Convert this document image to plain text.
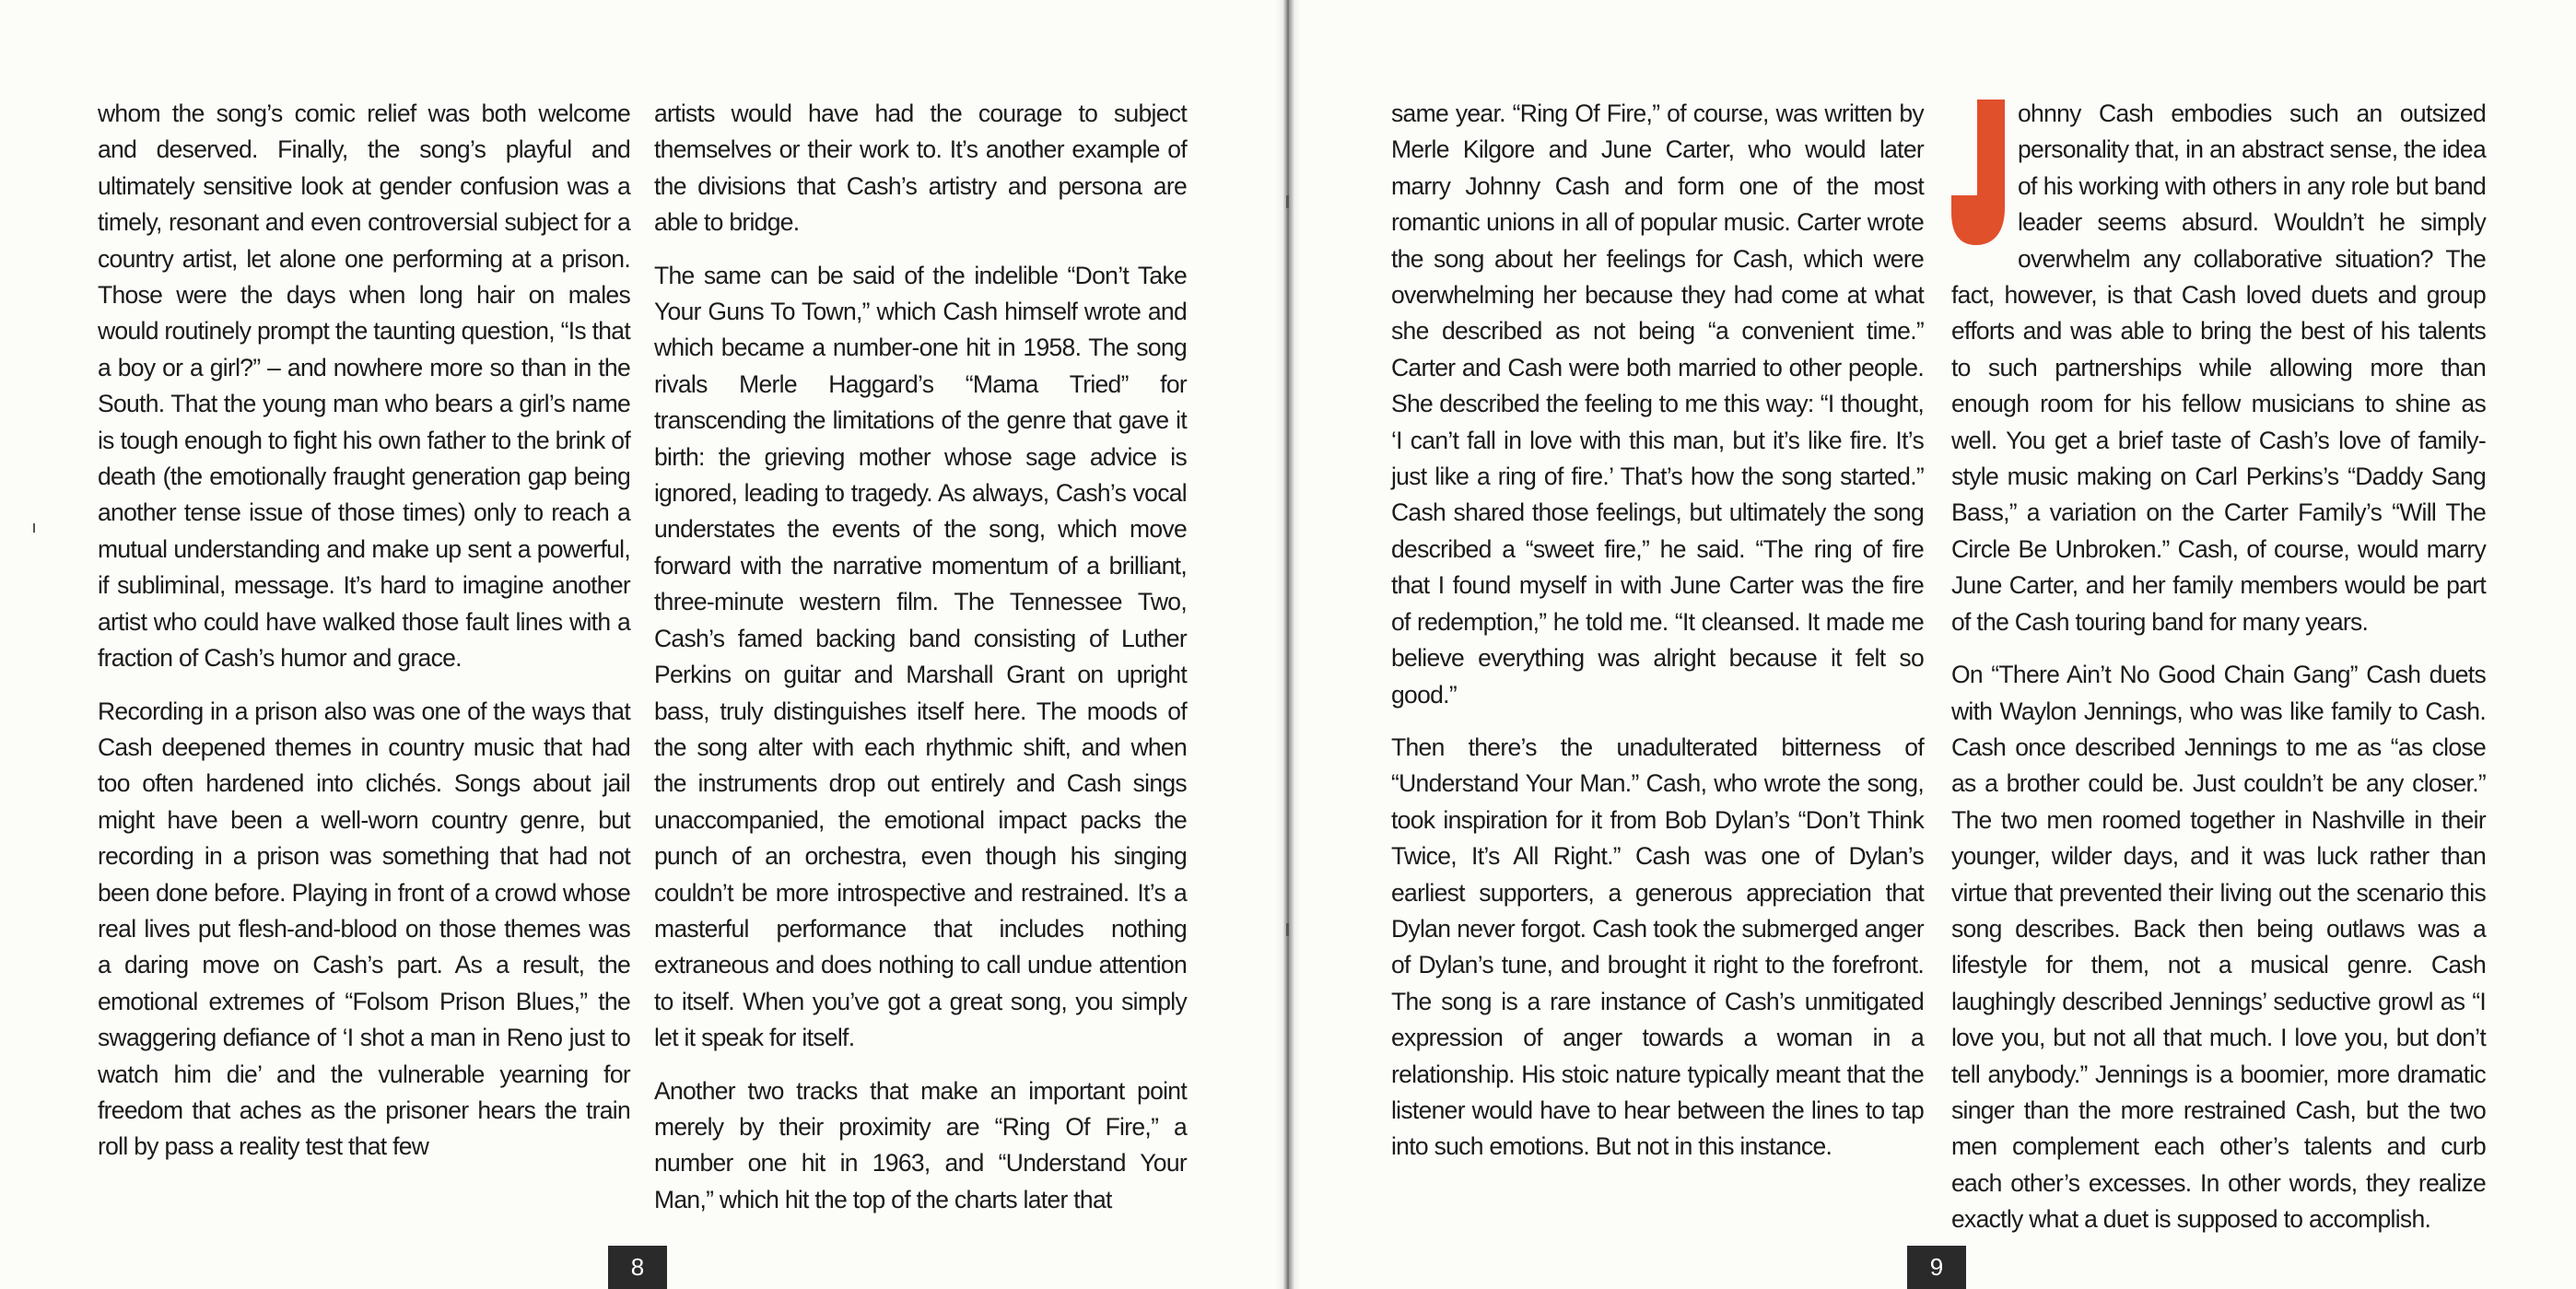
whom the song’s comic relief was both welcome and deserved. Finally, the song’s playful and ultimately sensitive look at gender confusion was a timely, resonant and even controversial subject for a country artist, let alone one performing at a prison. Those were the days when long hair on males would routinely prompt the taunting question, “Is that a boy or a girl?” – and nowhere more so than in the South. That the young man who bears a girl’s name is tough enough to fight his own father to the brink of death (the emotionally fraught generation gap being another tense issue of those times) only to reach a mutual understanding and make up sent a powerful, if subliminal, message. It’s hard to imagine another artist who could have walked those fault lines with a fraction of Cash’s humor and grace.

Recording in a prison also was one of the ways that Cash deepened themes in country music that had too often hardened into clichés. Songs about jail might have been a well-worn country genre, but recording in a prison was something that had not been done before. Playing in front of a crowd whose real lives put flesh-and-blood on those themes was a daring move on Cash’s part. As a result, the emotional extremes of “Folsom Prison Blues,” the swaggering defiance of ‘I shot a man in Reno just to watch him die’ and the vulnerable yearning for freedom that aches as the prisoner hears the train roll by pass a reality test that few

artists would have had the courage to subject themselves or their work to. It’s another example of the divisions that Cash’s artistry and persona are able to bridge.

The same can be said of the indelible “Don’t Take Your Guns To Town,” which Cash himself wrote and which became a number-one hit in 1958. The song rivals Merle Haggard’s “Mama Tried” for transcending the limitations of the genre that gave it birth: the grieving mother whose sage advice is ignored, leading to tragedy. As always, Cash’s vocal understates the events of the song, which move forward with the narrative momentum of a brilliant, three-minute western film. The Tennessee Two, Cash’s famed backing band consisting of Luther Perkins on guitar and Marshall Grant on upright bass, truly distinguishes itself here. The moods of the song alter with each rhythmic shift, and when the instruments drop out entirely and Cash sings unaccompanied, the emotional impact packs the punch of an orchestra, even though his singing couldn’t be more introspective and restrained. It’s a masterful performance that includes nothing extraneous and does nothing to call undue attention to itself. When you’ve got a great song, you simply let it speak for itself.

Another two tracks that make an important point merely by their proximity are “Ring Of Fire,” a number one hit in 1963, and “Understand Your Man,” which hit the top of the charts later that

8

same year. “Ring Of Fire,” of course, was written by Merle Kilgore and June Carter, who would later marry Johnny Cash and form one of the most romantic unions in all of popular music. Carter wrote the song about her feelings for Cash, which were overwhelming her because they had come at what she described as not being “a convenient time.” Carter and Cash were both married to other people. She described the feeling to me this way: “I thought, ‘I can’t fall in love with this man, but it’s like fire. It’s just like a ring of fire.’ That’s how the song started.” Cash shared those feelings, but ultimately the song described a “sweet fire,” he said. “The ring of fire that I found myself in with June Carter was the fire of redemption,” he told me. “It cleansed. It made me believe everything was alright because it felt so good.”

Then there’s the unadulterated bitterness of “Understand Your Man.” Cash, who wrote the song, took inspiration for it from Bob Dylan’s “Don’t Think Twice, It’s All Right.” Cash was one of Dylan’s earliest supporters, a generous appreciation that Dylan never forgot. Cash took the submerged anger of Dylan’s tune, and brought it right to the forefront. The song is a rare instance of Cash’s unmitigated expression of anger towards a woman in a relationship. His stoic nature typically meant that the listener would have to hear between the lines to tap into such emotions. But not in this instance.

ohnny Cash embodies such an outsized personality that, in an abstract sense, the idea of his working with others in any role but band leader seems absurd. Wouldn’t he simply overwhelm any collaborative situation? The fact, however, is that Cash loved duets and group efforts and was able to bring the best of his talents to such partnerships while allowing more than enough room for his fellow musicians to shine as well. You get a brief taste of Cash’s love of family-style music making on Carl Perkins’s “Daddy Sang Bass,” a variation on the Carter Family’s “Will The Circle Be Unbroken.” Cash, of course, would marry June Carter, and her family members would be part of the Cash touring band for many years.

On “There Ain’t No Good Chain Gang” Cash duets with Waylon Jennings, who was like family to Cash. Cash once described Jennings to me as “as close as a brother could be. Just couldn’t be any closer.” The two men roomed together in Nashville in their younger, wilder days, and it was luck rather than virtue that prevented their living out the scenario this song describes. Back then being outlaws was a lifestyle for them, not a musical genre. Cash laughingly described Jennings’ seductive growl as “I love you, but not all that much. I love you, but don’t tell anybody.” Jennings is a boomier, more dramatic singer than the more restrained Cash, but the two men complement each other’s talents and curb each other’s excesses. In other words, they realize exactly what a duet is supposed to accomplish.

9
